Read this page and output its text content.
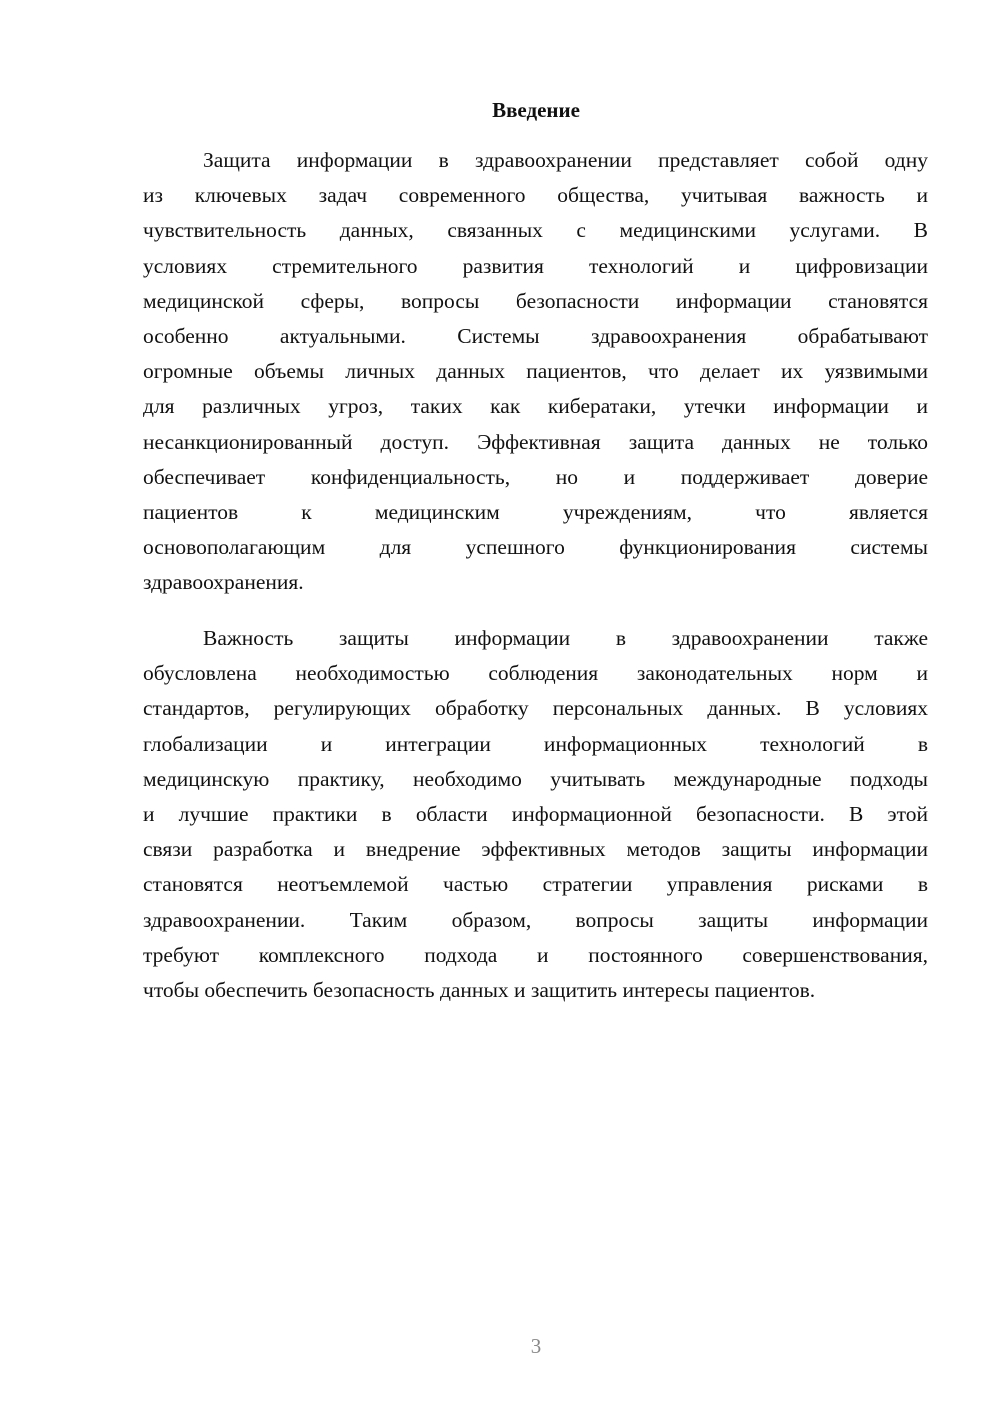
Введение
Защита информации в здравоохранении представляет собой одну
из ключевых задач современного общества, учитывая важность и
чувствительность данных, связанных с медицинскими услугами. В
условиях стремительного развития технологий и цифровизации
медицинской сферы, вопросы безопасности информации становятся
особенно актуальными. Системы здравоохранения обрабатывают
огромные объемы личных данных пациентов, что делает их уязвимыми
для различных угроз, таких как кибератаки, утечки информации и
несанкционированный доступ. Эффективная защита данных не только
обеспечивает конфиденциальность, но и поддерживает доверие
пациентов к медицинским учреждениям, что является
основополагающим для успешного функционирования системы
здравоохранения.
Важность защиты информации в здравоохранении также
обусловлена необходимостью соблюдения законодательных норм и
стандартов, регулирующих обработку персональных данных. В условиях
глобализации и интеграции информационных технологий в
медицинскую практику, необходимо учитывать международные подходы
и лучшие практики в области информационной безопасности. В этой
связи разработка и внедрение эффективных методов защиты информации
становятся неотъемлемой частью стратегии управления рисками в
здравоохранении. Таким образом, вопросы защиты информации
требуют комплексного подхода и постоянного совершенствования,
чтобы обеспечить безопасность данных и защитить интересы пациентов.
3
